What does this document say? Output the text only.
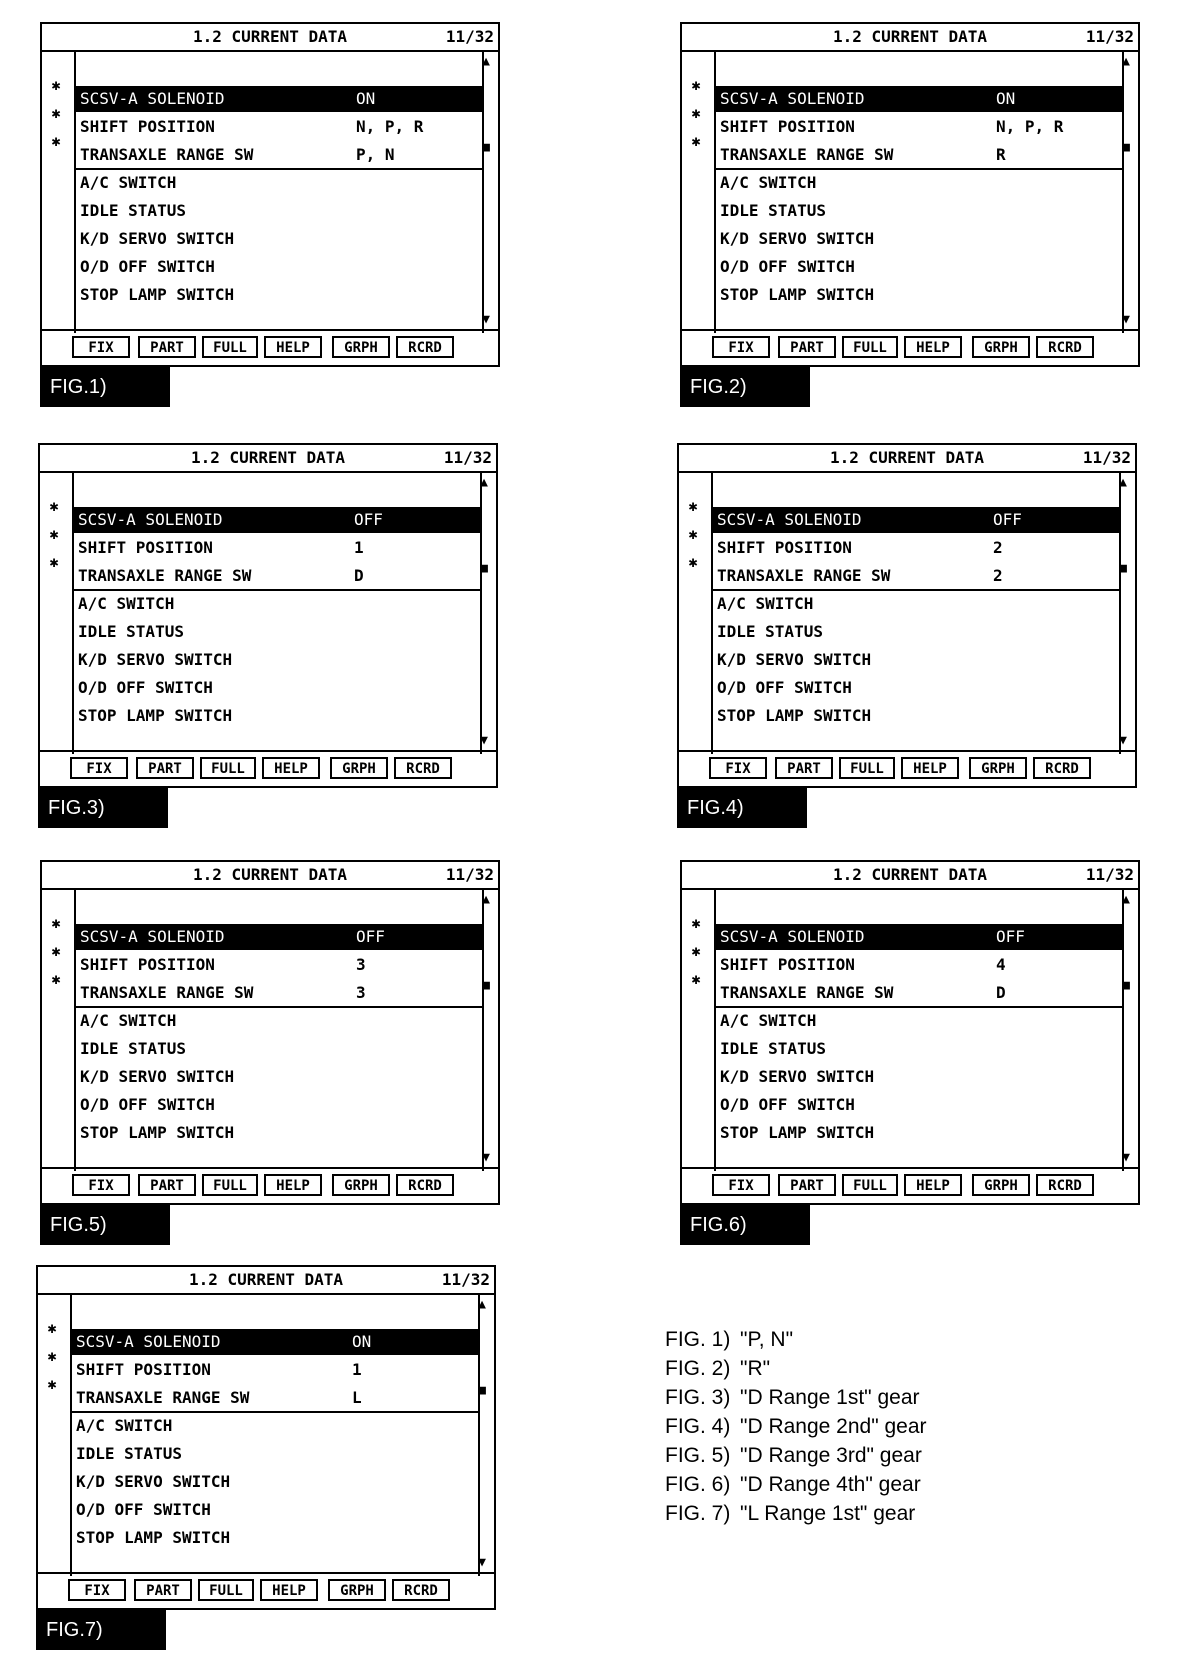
1.2 CURRENT DATA	11/32
✱
✱
✱
SCSV-A SOLENOID	ON
SHIFT POSITION	N, P, R
TRANSAXLE RANGE SW	P, N
A/C SWITCH
IDLE STATUS
K/D SERVO SWITCH
O/D OFF SWITCH
STOP LAMP SWITCH
▲
■
▼
FIX	PART	FULL	HELP	GRPH	RCRD
FIG.1)
1.2 CURRENT DATA	11/32
✱
✱
✱
SCSV-A SOLENOID	ON
SHIFT POSITION	N, P, R
TRANSAXLE RANGE SW	R
A/C SWITCH
IDLE STATUS
K/D SERVO SWITCH
O/D OFF SWITCH
STOP LAMP SWITCH
▲
■
▼
FIX	PART	FULL	HELP	GRPH	RCRD
FIG.2)
1.2 CURRENT DATA	11/32
✱
✱
✱
SCSV-A SOLENOID	OFF
SHIFT POSITION	1
TRANSAXLE RANGE SW	D
A/C SWITCH
IDLE STATUS
K/D SERVO SWITCH
O/D OFF SWITCH
STOP LAMP SWITCH
▲
■
▼
FIX	PART	FULL	HELP	GRPH	RCRD
FIG.3)
1.2 CURRENT DATA	11/32
✱
✱
✱
SCSV-A SOLENOID	OFF
SHIFT POSITION	2
TRANSAXLE RANGE SW	2
A/C SWITCH
IDLE STATUS
K/D SERVO SWITCH
O/D OFF SWITCH
STOP LAMP SWITCH
▲
■
▼
FIX	PART	FULL	HELP	GRPH	RCRD
FIG.4)
1.2 CURRENT DATA	11/32
✱
✱
✱
SCSV-A SOLENOID	OFF
SHIFT POSITION	3
TRANSAXLE RANGE SW	3
A/C SWITCH
IDLE STATUS
K/D SERVO SWITCH
O/D OFF SWITCH
STOP LAMP SWITCH
▲
■
▼
FIX	PART	FULL	HELP	GRPH	RCRD
FIG.5)
1.2 CURRENT DATA	11/32
✱
✱
✱
SCSV-A SOLENOID	OFF
SHIFT POSITION	4
TRANSAXLE RANGE SW	D
A/C SWITCH
IDLE STATUS
K/D SERVO SWITCH
O/D OFF SWITCH
STOP LAMP SWITCH
▲
■
▼
FIX	PART	FULL	HELP	GRPH	RCRD
FIG.6)
1.2 CURRENT DATA	11/32
✱
✱
✱
SCSV-A SOLENOID	ON
SHIFT POSITION	1
TRANSAXLE RANGE SW	L
A/C SWITCH
IDLE STATUS
K/D SERVO SWITCH
O/D OFF SWITCH
STOP LAMP SWITCH
▲
■
▼
FIX	PART	FULL	HELP	GRPH	RCRD
FIG.7)
FIG. 1) "P, N"
FIG. 2) "R"
FIG. 3) "D Range 1st" gear
FIG. 4) "D Range 2nd" gear
FIG. 5) "D Range 3rd" gear
FIG. 6) "D Range 4th" gear
FIG. 7) "L Range 1st" gear
